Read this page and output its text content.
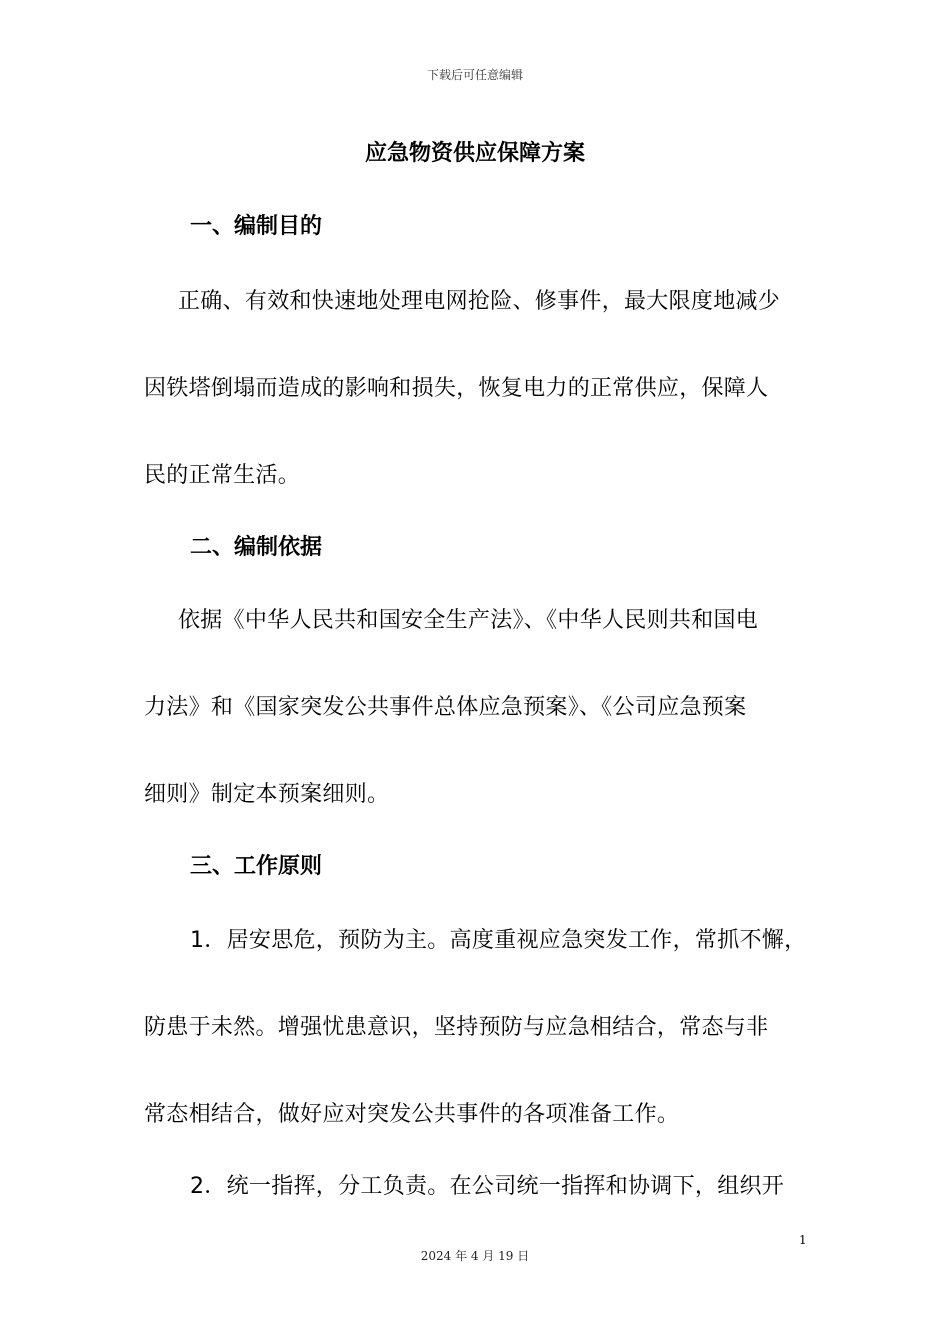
下载后可任意编辑
应急物资供应保障方案
一、编制目的
正确、有效和快速地处理电网抢险、修事件，最大限度地减少
因铁塔倒塌而造成的影响和损失，恢复电力的正常供应，保障人
民的正常生活。
二、编制依据
依据《中华人民共和国安全生产法》、《中华人民则共和国电
力法》和《国家突发公共事件总体应急预案》、《公司应急预案
细则》制定本预案细则。
三、工作原则
1．居安思危，预防为主。高度重视应急突发工作，常抓不懈，
防患于未然。增强忧患意识，坚持预防与应急相结合，常态与非
常态相结合，做好应对突发公共事件的各项准备工作。
2．统一指挥，分工负责。在公司统一指挥和协调下，组织开
1
2024 年 4 月 19 日
